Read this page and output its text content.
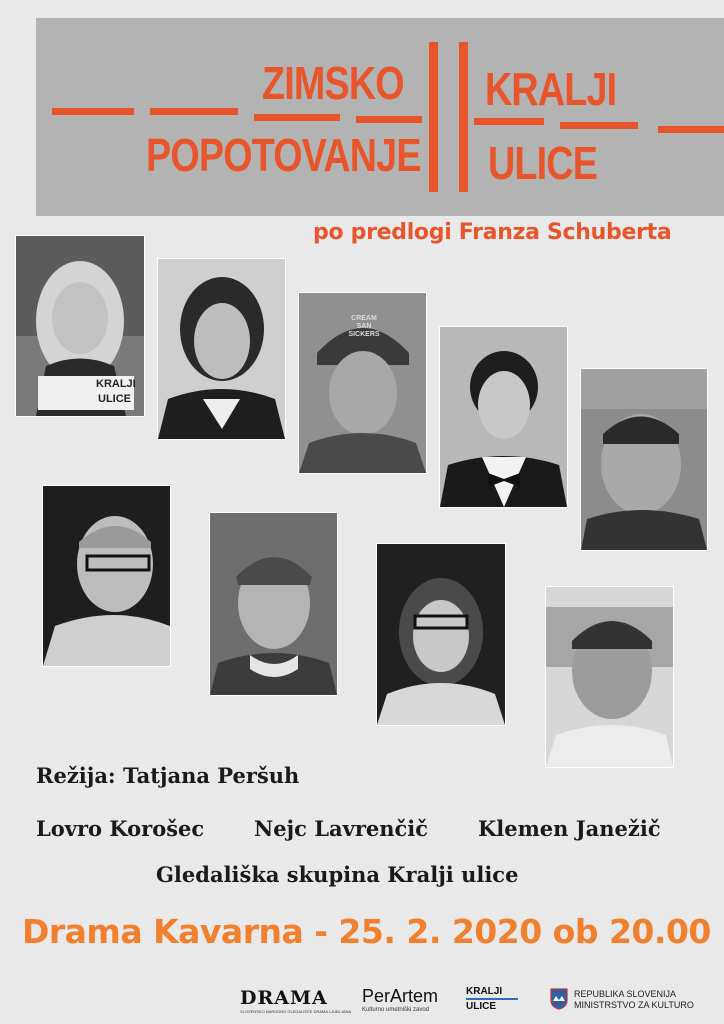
ZIMSKO
POPOTOVANJE
KRALJI
ULICE
po predlogi Franza Schuberta
KRALJI
ULICE
CREAM SAN SICKERS
Režija: Tatjana Peršuh
Lovro Korošec Nejc Lavrenčič Klemen Janežič
Gledališka skupina Kralji ulice
Drama Kavarna - 25. 2. 2020 ob 20.00
DRAMA
SLOVENSKO NARODNO GLEDALIŠČE DRAMA LJUBLJANA
PerArtem
Kulturno umetniški zavod
KRALJI
ULICE
REPUBLIKA SLOVENIJA
MINISTRSTVO ZA KULTURO
